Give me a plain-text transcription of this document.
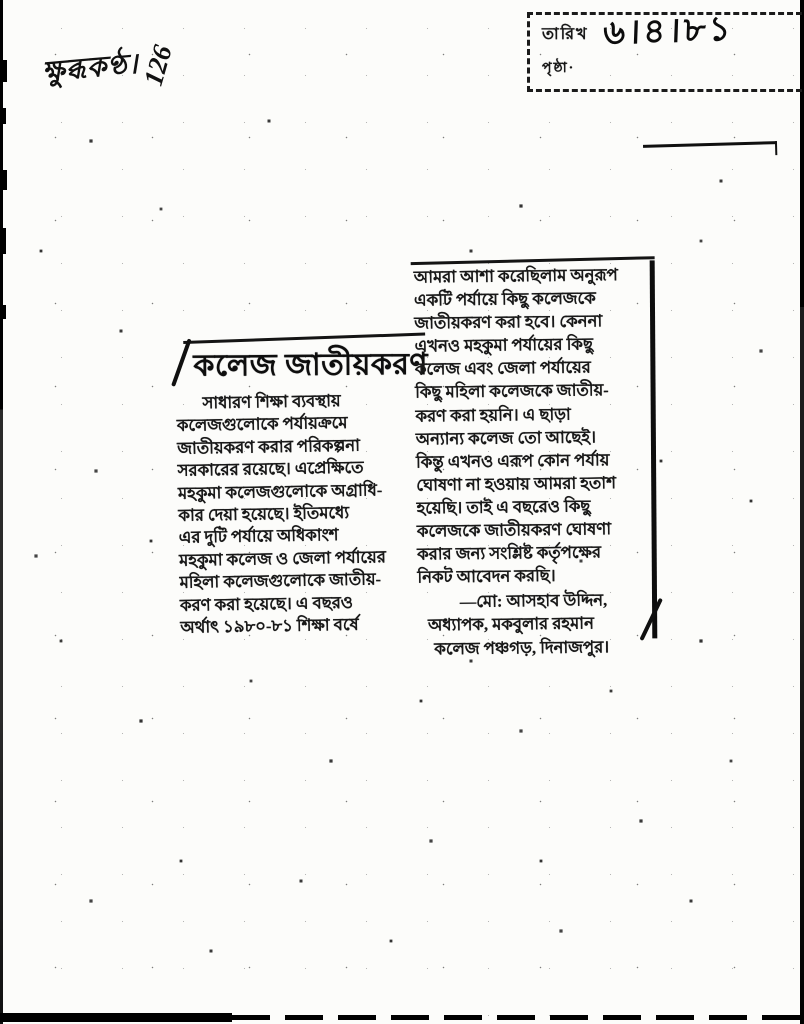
ক্ষুব্ধকণ্ঠ।
126
তারিখ ৬।৪।৮১
পৃষ্ঠা·
কলেজ জাতীয়করণ
সাধারণ শিক্ষা ব্যবস্থায়
কলেজগুলোকে পর্যায়ক্রমে
জাতীয়করণ করার পরিকল্পনা
সরকারের রয়েছে। এপ্রেক্ষিতে
মহকুমা কলেজগুলোকে অগ্রাধি-
কার দেয়া হয়েছে। ইতিমধ্যে
এর দুটি পর্যায়ে অধিকাংশ
মহকুমা কলেজ ও জেলা পর্যায়ের
মহিলা কলেজগুলোকে জাতীয়-
করণ করা হয়েছে। এ বছরও
অর্থাৎ ১৯৮০-৮১ শিক্ষা বর্ষে
আমরা আশা করেছিলাম অনুরূপ
একটি পর্যায়ে কিছু কলেজকে
জাতীয়করণ করা হবে। কেননা
এখনও মহকুমা পর্যায়ের কিছু
কলেজ এবং জেলা পর্যায়ের
কিছু মহিলা কলেজকে জাতীয়-
করণ করা হয়নি। এ ছাড়া
অন্যান্য কলেজ তো আছেই।
কিন্তু এখনও এরূপ কোন পর্যায়
ঘোষণা না হওয়ায় আমরা হতাশ
হয়েছি। তাই এ বছরেও কিছু
কলেজকে জাতীয়করণ ঘোষণা
করার জন্য সংশ্লিষ্ট কর্তৃপক্ষের
নিকট আবেদন করছি।
—মো: আসহাব উদ্দিন,
অধ্যাপক, মকবুলার রহমান
কলেজ পঞ্চগড়, দিনাজপুর।
